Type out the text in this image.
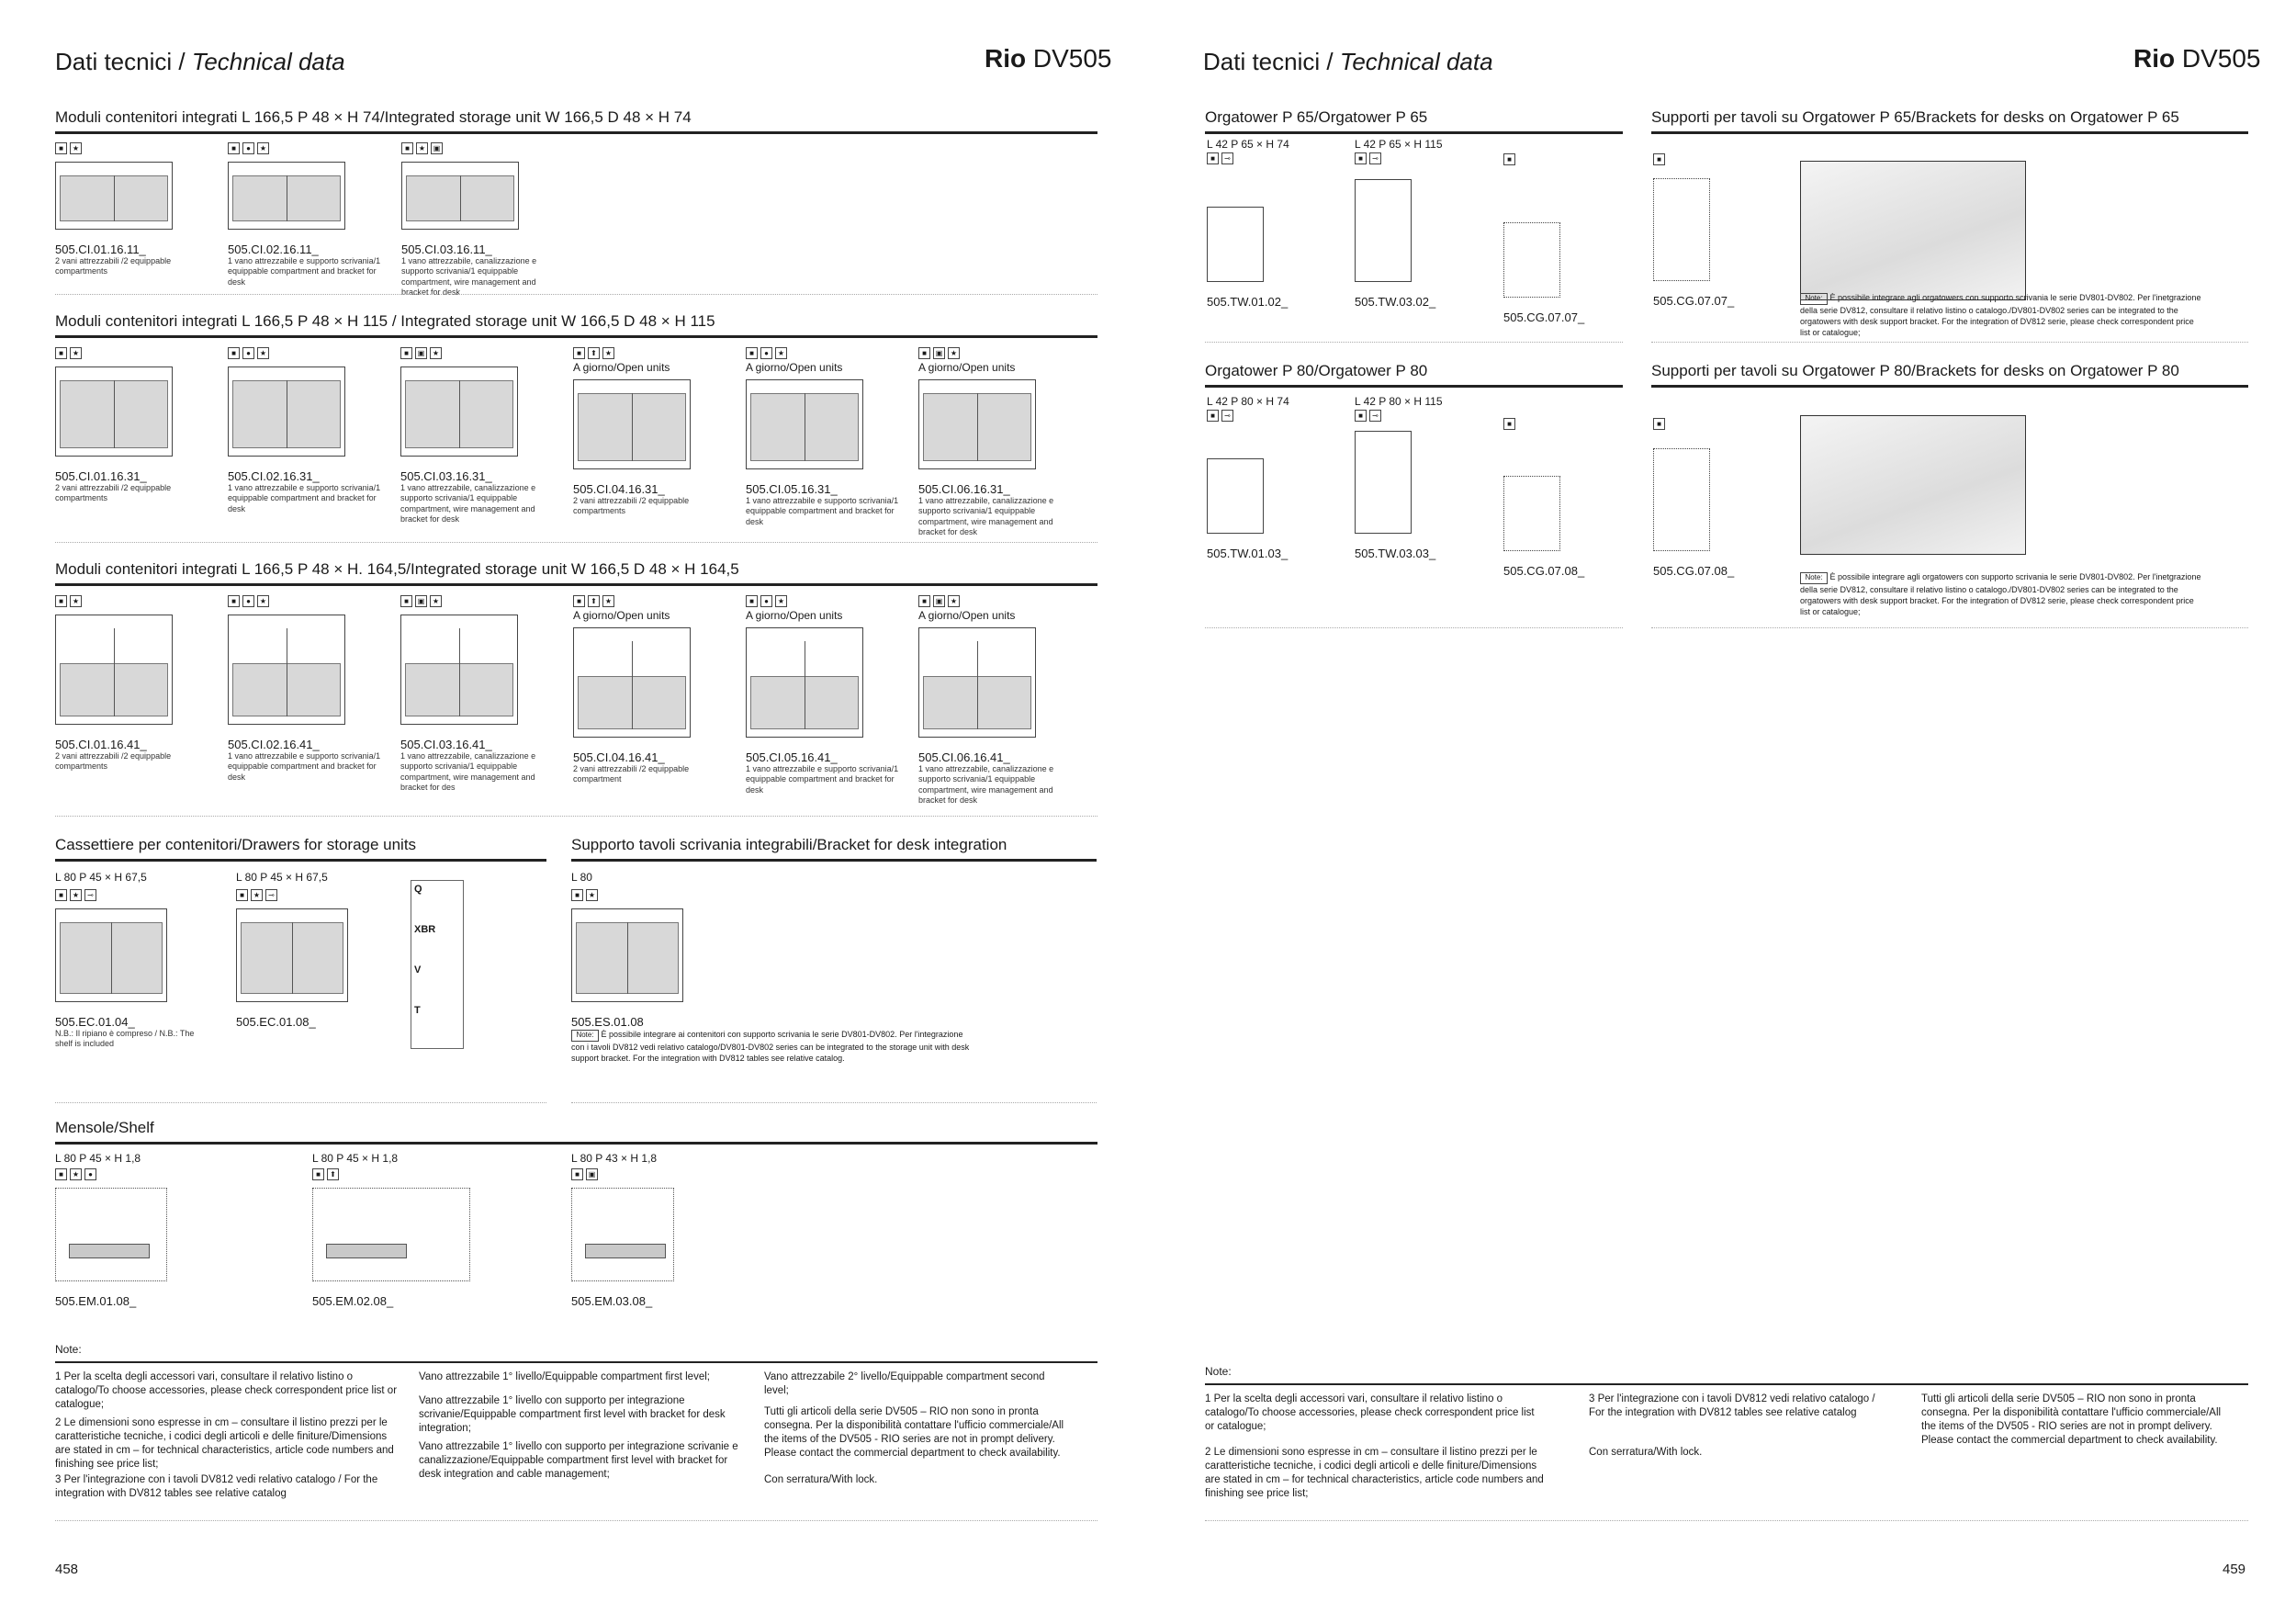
Dati tecnici / Technical data	Rio DV505
Moduli contenitori integrati L 166,5 P 48 × H 74/Integrated storage unit W 166,5 D 48 × H 74
■	★
505.CI.01.16.11_
2 vani attrezzabili /2 equippable compartments
■	●	★
505.CI.02.16.11_
1 vano attrezzabile e supporto scrivania/1 equippable compartment and bracket for desk
■	★	▣
505.CI.03.16.11_
1 vano attrezzabile, canalizzazione e supporto scrivania/1 equippable compartment, wire management and bracket for desk
Moduli contenitori integrati L 166,5 P 48 × H 115 / Integrated storage unit W 166,5 D 48 × H 115
■	★
505.CI.01.16.31_
2 vani attrezzabili /2 equippable compartments
■	●	★
505.CI.02.16.31_
1 vano attrezzabile e supporto scrivania/1 equippable compartment and bracket for desk
■	▣	★
505.CI.03.16.31_
1 vano attrezzabile, canalizzazione e supporto scrivania/1 equippable compartment, wire management and bracket for desk
■	⬆	★
A giorno/Open units
505.CI.04.16.31_
2 vani attrezzabili /2 equippable compartments
■	●	★
A giorno/Open units
505.CI.05.16.31_
1 vano attrezzabile e supporto scrivania/1 equippable compartment and bracket for desk
■	▣	★
A giorno/Open units
505.CI.06.16.31_
1 vano attrezzabile, canalizzazione e supporto scrivania/1 equippable compartment, wire management and bracket for desk
Moduli contenitori integrati L 166,5 P 48 × H. 164,5/Integrated storage unit W 166,5 D 48 × H 164,5
■	★
505.CI.01.16.41_
2 vani attrezzabili /2 equippable compartments
■	●	★
505.CI.02.16.41_
1 vano attrezzabile e supporto scrivania/1 equippable compartment and bracket for desk
■	▣	★
505.CI.03.16.41_
1 vano attrezzabile, canalizzazione e supporto scrivania/1 equippable compartment, wire management and bracket for des
■	⬆	★
A giorno/Open units
505.CI.04.16.41_
2 vani attrezzabili /2 equippable compartment
■	●	★
A giorno/Open units
505.CI.05.16.41_
1 vano attrezzabile e supporto scrivania/1 equippable compartment and bracket for desk
■	▣	★
A giorno/Open units
505.CI.06.16.41_
1 vano attrezzabile, canalizzazione e supporto scrivania/1 equippable compartment, wire management and bracket for desk
Cassettiere per contenitori/Drawers for storage units
L 80 P 45 × H 67,5
■	★	⊸
505.EC.01.04_
N.B.: Il ripiano è compreso / N.B.: The shelf is included
L 80 P 45 × H 67,5
■	★	⊸
505.EC.01.08_
Q
XBR
V
T
Supporto tavoli scrivania integrabili/Bracket for desk integration
L 80
■	★
505.ES.01.08
Note: È possibile integrare ai contenitori con supporto scrivania le serie DV801-DV802. Per l'integrazione con i tavoli DV812 vedi relativo catalogo/DV801-DV802 series can be integrated to the storage unit with desk support bracket. For the integration with DV812 tables see relative catalog.
Mensole/Shelf
L 80 P 45 × H 1,8
■	★	●
505.EM.01.08_
L 80 P 45 × H 1,8
■	⬆
505.EM.02.08_
L 80 P 43 × H 1,8
■	▣
505.EM.03.08_
Note:
1 Per la scelta degli accessori vari, consultare il relativo listino o catalogo/To choose accessories, please check correspondent price list or catalogue;
2 Le dimensioni sono espresse in cm – consultare il listino prezzi per le caratteristiche tecniche, i codici degli articoli e delle finiture/Dimensions are stated in cm – for technical characteristics, article code numbers and finishing see price list;
3 Per l'integrazione con i tavoli DV812 vedi relativo catalogo / For the integration with DV812 tables see relative catalog
Vano attrezzabile 1° livello/Equippable compartment first level;
Vano attrezzabile 1° livello con supporto per integrazione scrivanie/Equippable compartment first level with bracket for desk integration;
Vano attrezzabile 1° livello con supporto per integrazione scrivanie e canalizzazione/Equippable compartment first level with bracket for desk integration and cable management;
Vano attrezzabile 2° livello/Equippable compartment second level;
Tutti gli articoli della serie DV505 – RIO non sono in pronta consegna. Per la disponibilità contattare l'ufficio commerciale/All the items of the DV505 - RIO series are not in prompt delivery. Please contact the commercial department to check availability.
Con serratura/With lock.
458
Dati tecnici / Technical data	Rio DV505
Orgatower P 65/Orgatower P 65	Supporti per tavoli su Orgatower P 65/Brackets for desks on Orgatower P 65
L 42 P 65 × H 74
■	⊸
505.TW.01.02_
L 42 P 65 × H 115
■	⊸
505.TW.03.02_
■
505.CG.07.07_
■
505.CG.07.07_	Note: È possibile integrare agli orgatowers con supporto scrivania le serie DV801-DV802. Per l'inetgrazione della serie DV812, consultare il relativo listino o catalogo./DV801-DV802 series can be integrated to the orgatowers with desk support bracket. For the integration of DV812 serie, please check correspondent price list or catalogue;
Orgatower P 80/Orgatower P 80	Supporti per tavoli su Orgatower P 80/Brackets for desks on Orgatower P 80
L 42 P 80 × H 74
■	⊸
505.TW.01.03_
L 42 P 80 × H 115
■	⊸
505.TW.03.03_
■
505.CG.07.08_
■
505.CG.07.08_	Note: È possibile integrare agli orgatowers con supporto scrivania le serie DV801-DV802. Per l'inetgrazione della serie DV812, consultare il relativo listino o catalogo./DV801-DV802 series can be integrated to the orgatowers with desk support bracket. For the integration of DV812 serie, please check correspondent price list or catalogue;
Note:
1 Per la scelta degli accessori vari, consultare il relativo listino o catalogo/To choose accessories, please check correspondent price list or catalogue;
2 Le dimensioni sono espresse in cm – consultare il listino prezzi per le caratteristiche tecniche, i codici degli articoli e delle finiture/Dimensions are stated in cm – for technical characteristics, article code numbers and finishing see price list;
3 Per l'integrazione con i tavoli DV812 vedi relativo catalogo / For the integration with DV812 tables see relative catalog
Con serratura/With lock.
Tutti gli articoli della serie DV505 – RIO non sono in pronta consegna. Per la disponibilità contattare l'ufficio commerciale/All the items of the DV505 - RIO series are not in prompt delivery. Please contact the commercial department to check availability.
459
